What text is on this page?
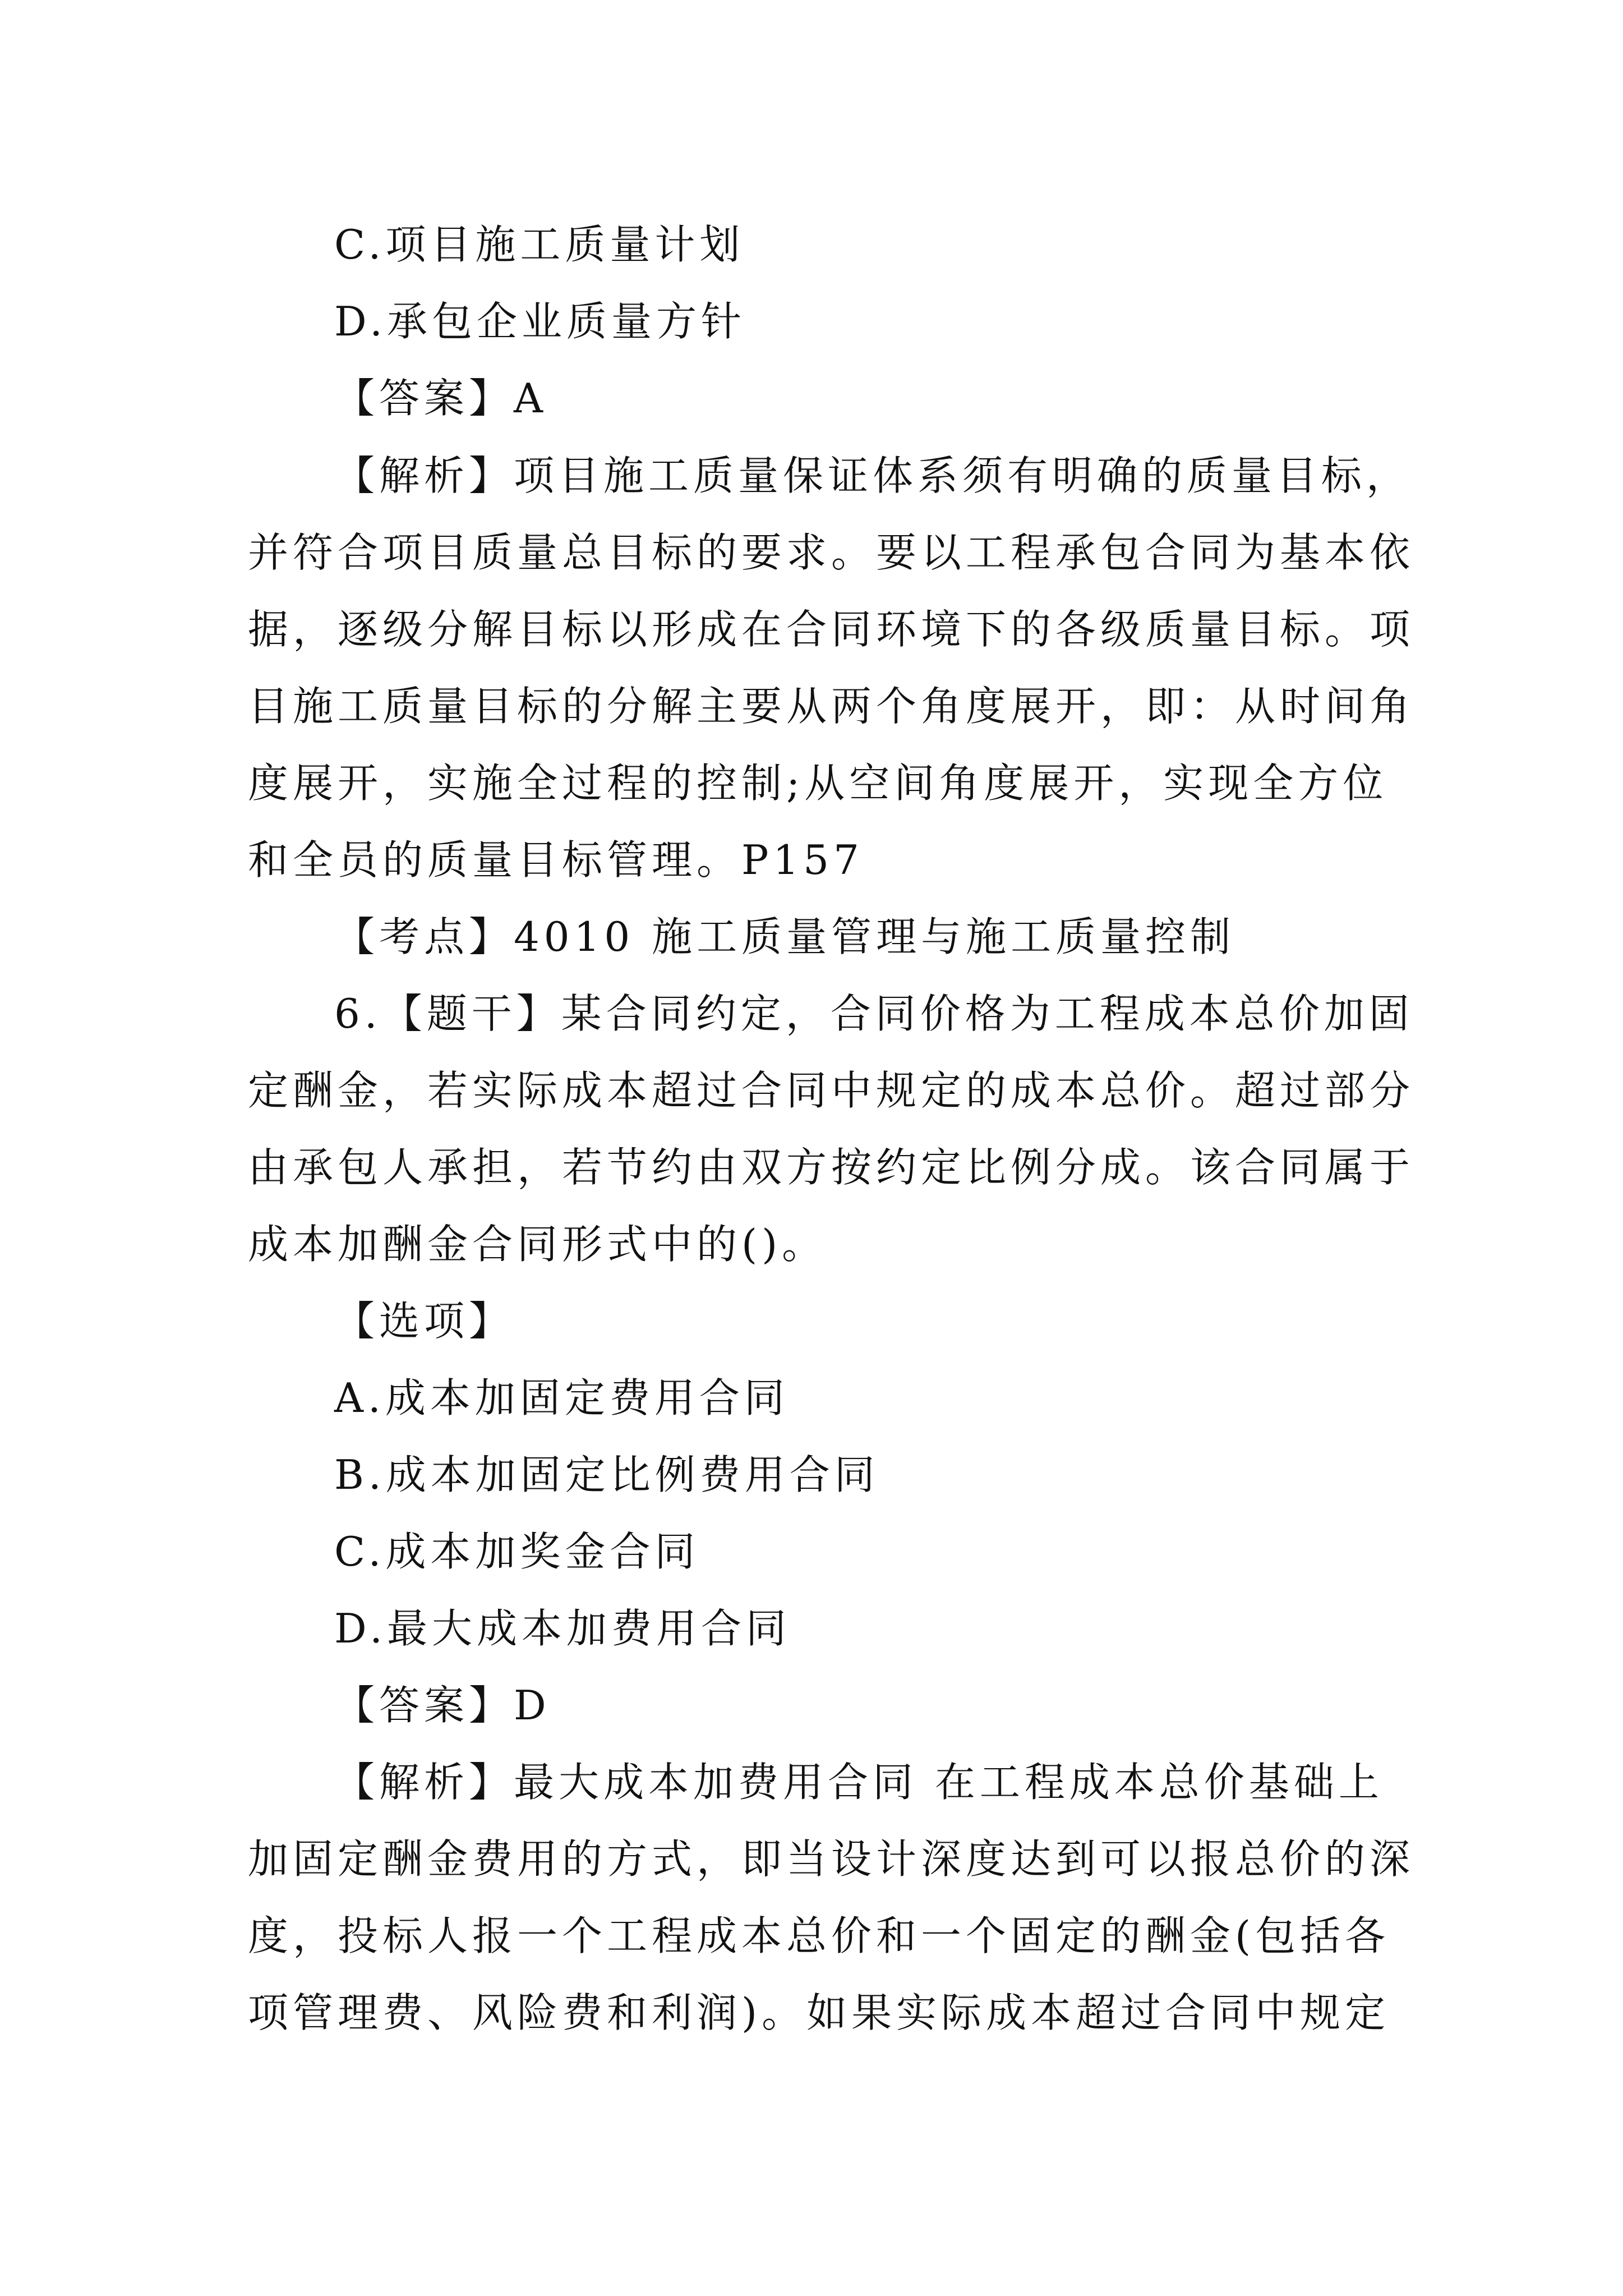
C.项目施工质量计划
D.承包企业质量方针
【答案】A
【解析】项目施工质量保证体系须有明确的质量目标，
并符合项目质量总目标的要求。要以工程承包合同为基本依
据，逐级分解目标以形成在合同环境下的各级质量目标。项
目施工质量目标的分解主要从两个角度展开，即：从时间角
度展开，实施全过程的控制;从空间角度展开，实现全方位
和全员的质量目标管理。P157
【考点】4010 施工质量管理与施工质量控制
6.【题干】某合同约定，合同价格为工程成本总价加固
定酬金，若实际成本超过合同中规定的成本总价。超过部分
由承包人承担，若节约由双方按约定比例分成。该合同属于
成本加酬金合同形式中的()。
【选项】
A.成本加固定费用合同
B.成本加固定比例费用合同
C.成本加奖金合同
D.最大成本加费用合同
【答案】D
【解析】最大成本加费用合同 在工程成本总价基础上
加固定酬金费用的方式，即当设计深度达到可以报总价的深
度，投标人报一个工程成本总价和一个固定的酬金(包括各
项管理费、风险费和利润)。如果实际成本超过合同中规定
